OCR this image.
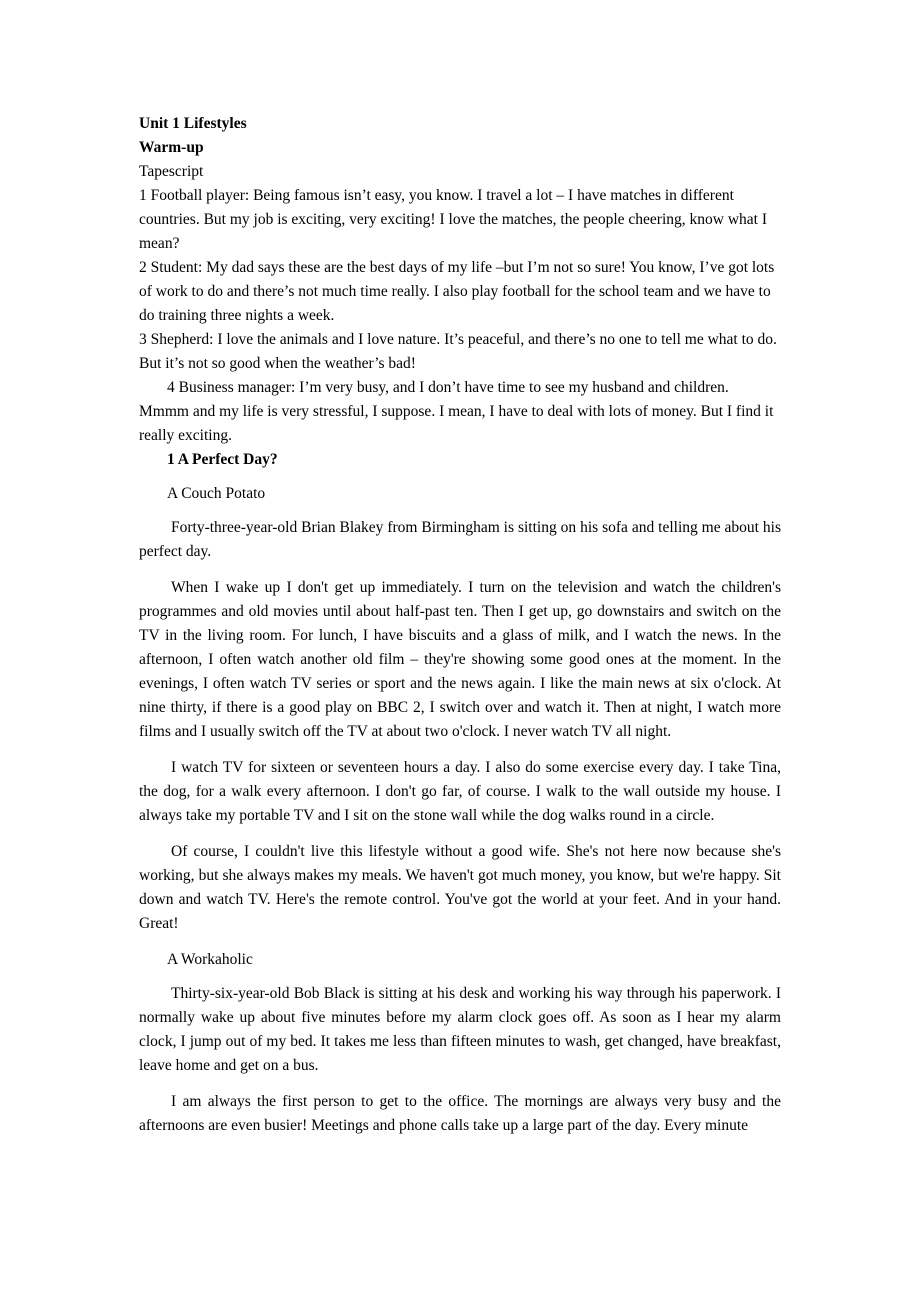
Unit 1 Lifestyles

Warm-up

Tapescript

1 Football player: Being famous isn’t easy, you know. I travel a lot – I have matches in different countries. But my job is exciting, very exciting! I love the matches, the people cheering, know what I mean?

2 Student: My dad says these are the best days of my life –but I’m not so sure! You know, I’ve got lots of work to do and there’s not much time really. I also play football for the school team and we have to do training three nights a week.

3 Shepherd: I love the animals and I love nature. It’s peaceful, and there’s no one to tell me what to do. But it’s not so good when the weather’s bad!

4 Business manager: I’m very busy, and I don’t have time to see my husband and children. Mmmm and my life is very stressful, I suppose. I mean, I have to deal with lots of money. But I find it really exciting.

1 A Perfect Day?

A Couch Potato

Forty-three-year-old Brian Blakey from Birmingham is sitting on his sofa and telling me about his perfect day.

When I wake up I don't get up immediately. I turn on the television and watch the children's programmes and old movies until about half-past ten. Then I get up, go downstairs and switch on the TV in the living room. For lunch, I have biscuits and a glass of milk, and I watch the news. In the afternoon, I often watch another old film – they're showing some good ones at the moment. In the evenings, I often watch TV series or sport and the news again. I like the main news at six o'clock. At nine thirty, if there is a good play on BBC 2, I switch over and watch it. Then at night, I watch more films and I usually switch off the TV at about two o'clock. I never watch TV all night.

I watch TV for sixteen or seventeen hours a day. I also do some exercise every day. I take Tina, the dog, for a walk every afternoon. I don't go far, of course. I walk to the wall outside my house. I always take my portable TV and I sit on the stone wall while the dog walks round in a circle.

Of course, I couldn't live this lifestyle without a good wife. She's not here now because she's working, but she always makes my meals. We haven't got much money, you know, but we're happy. Sit down and watch TV. Here's the remote control. You've got the world at your feet. And in your hand. Great!

A Workaholic

Thirty-six-year-old Bob Black is sitting at his desk and working his way through his paperwork. I normally wake up about five minutes before my alarm clock goes off. As soon as I hear my alarm clock, I jump out of my bed. It takes me less than fifteen minutes to wash, get changed, have breakfast, leave home and get on a bus.

I am always the first person to get to the office. The mornings are always very busy and the afternoons are even busier! Meetings and phone calls take up a large part of the day. Every minute
